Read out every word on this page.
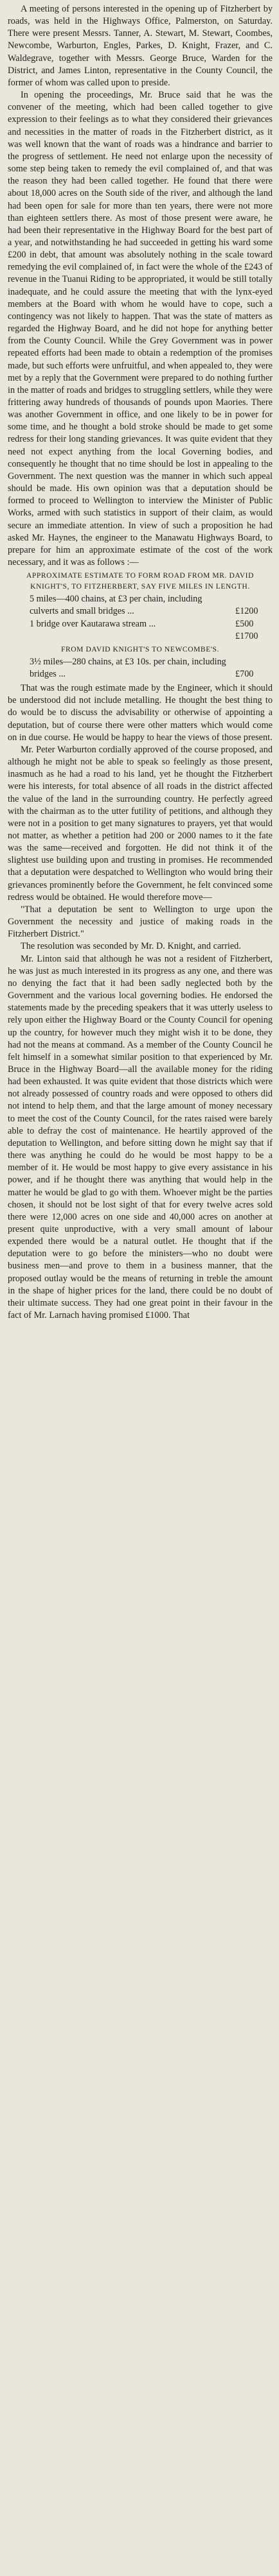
A meeting of persons interested in the opening up of Fitzherbert by roads, was held in the Highways Office, Palmerston, on Saturday. There were present Messrs. Tanner, A. Stewart, M. Stewart, Coombes, Newcombe, Warburton, Engles, Parkes, D. Knight, Frazer, and C. Waldegrave, together with Messrs. George Bruce, Warden for the District, and James Linton, representative in the County Council, the former of whom was called upon to preside.

In opening the proceedings, Mr. Bruce said that he was the convener of the meeting, which had been called together to give expression to their feelings as to what they considered their grievances and necessities in the matter of roads in the Fitzherbert district, as it was well known that the want of roads was a hindrance and barrier to the progress of settlement. He need not enlarge upon the necessity of some step being taken to remedy the evil complained of, and that was the reason they had been called together. He found that there were about 18,000 acres on the South side of the river, and although the land had been open for sale for more than ten years, there were not more than eighteen settlers there. As most of those present were aware, he had been their representative in the Highway Board for the best part of a year, and notwithstanding he had succeeded in getting his ward some £200 in debt, that amount was absolutely nothing in the scale toward remedying the evil complained of, in fact were the whole of the £243 of revenue in the Tuanui Riding to be appropriated, it would be still totally inadequate, and he could assure the meeting that with the lynx-eyed members at the Board with whom he would have to cope, such a contingency was not likely to happen. That was the state of matters as regarded the Highway Board, and he did not hope for anything better from the County Council. While the Grey Government was in power repeated efforts had been made to obtain a redemption of the promises made, but such efforts were unfruitful, and when appealed to, they were met by a reply that the Government were prepared to do nothing further in the matter of roads and bridges to struggling settlers, while they were frittering away hundreds of thousands of pounds upon Maories. There was another Government in office, and one likely to be in power for some time, and he thought a bold stroke should be made to get some redress for their long standing grievances. It was quite evident that they need not expect anything from the local Governing bodies, and consequently he thought that no time should be lost in appealing to the Government. The next question was the manner in which such appeal should be made. His own opinion was that a deputation should be formed to proceed to Wellington to interview the Minister of Public Works, armed with such statistics in support of their claim, as would secure an immediate attention. In view of such a proposition he had asked Mr. Haynes, the engineer to the Manawatu Highways Board, to prepare for him an approximate estimate of the cost of the work necessary, and it was as follows :—

APPROXIMATE ESTIMATE TO FORM ROAD FROM MR. DAVID KNIGHT'S, TO FITZHERBERT, SAY FIVE MILES IN LENGTH.

5 miles—400 chains, at £3 per chain, including culverts and small bridges ...	£1200
1 bridge over Kautarawa stream ...	£500
£1700

FROM DAVID KNIGHT'S TO NEWCOMBE'S.

3½ miles—280 chains, at £3 10s. per chain, including bridges ...	£700

That was the rough estimate made by the Engineer, which it should be understood did not include metalling. He thought the best thing to do would be to discuss the advisability or otherwise of appointing a deputation, but of course there were other matters which would come on in due course. He would be happy to hear the views of those present.

Mr. Peter Warburton cordially approved of the course proposed, and although he might not be able to speak so feelingly as those present, inasmuch as he had a road to his land, yet he thought the Fitzherbert were his interests, for total absence of all roads in the district affected the value of the land in the surrounding country. He perfectly agreed with the chairman as to the utter futility of petitions, and although they were not in a position to get many signatures to prayers, yet that would not matter, as whether a petition had 200 or 2000 names to it the fate was the same—received and forgotten. He did not think it of the slightest use building upon and trusting in promises. He recommended that a deputation were despatched to Wellington who would bring their grievances prominently before the Government, he felt convinced some redress would be obtained. He would therefore move—

"That a deputation be sent to Wellington to urge upon the Government the necessity and justice of making roads in the Fitzherbert District."

The resolution was seconded by Mr. D. Knight, and carried.

Mr. Linton said that although he was not a resident of Fitzherbert, he was just as much interested in its progress as any one, and there was no denying the fact that it had been sadly neglected both by the Government and the various local governing bodies. He endorsed the statements made by the preceding speakers that it was utterly useless to rely upon either the Highway Board or the County Council for opening up the country, for however much they might wish it to be done, they had not the means at command. As a member of the County Council he felt himself in a somewhat similar position to that experienced by Mr. Bruce in the Highway Board—all the available money for the riding had been exhausted. It was quite evident that those districts which were not already possessed of country roads and were opposed to others did not intend to help them, and that the large amount of money necessary to meet the cost of the County Council, for the rates raised were barely able to defray the cost of maintenance. He heartily approved of the deputation to Wellington, and before sitting down he might say that if there was anything he could do he would be most happy to be a member of it. He would be most happy to give every assistance in his power, and if he thought there was anything that would help in the matter he would be glad to go with them. Whoever might be the parties chosen, it should not be lost sight of that for every twelve acres sold there were 12,000 acres on one side and 40,000 acres on another at present quite unproductive, with a very small amount of labour expended there would be a natural outlet. He thought that if the deputation were to go before the ministers—who no doubt were business men—and prove to them in a business manner, that the proposed outlay would be the means of returning in treble the amount in the shape of higher prices for the land, there could be no doubt of their ultimate success. They had one great point in their favour in the fact of Mr. Larnach having promised £1000. That
